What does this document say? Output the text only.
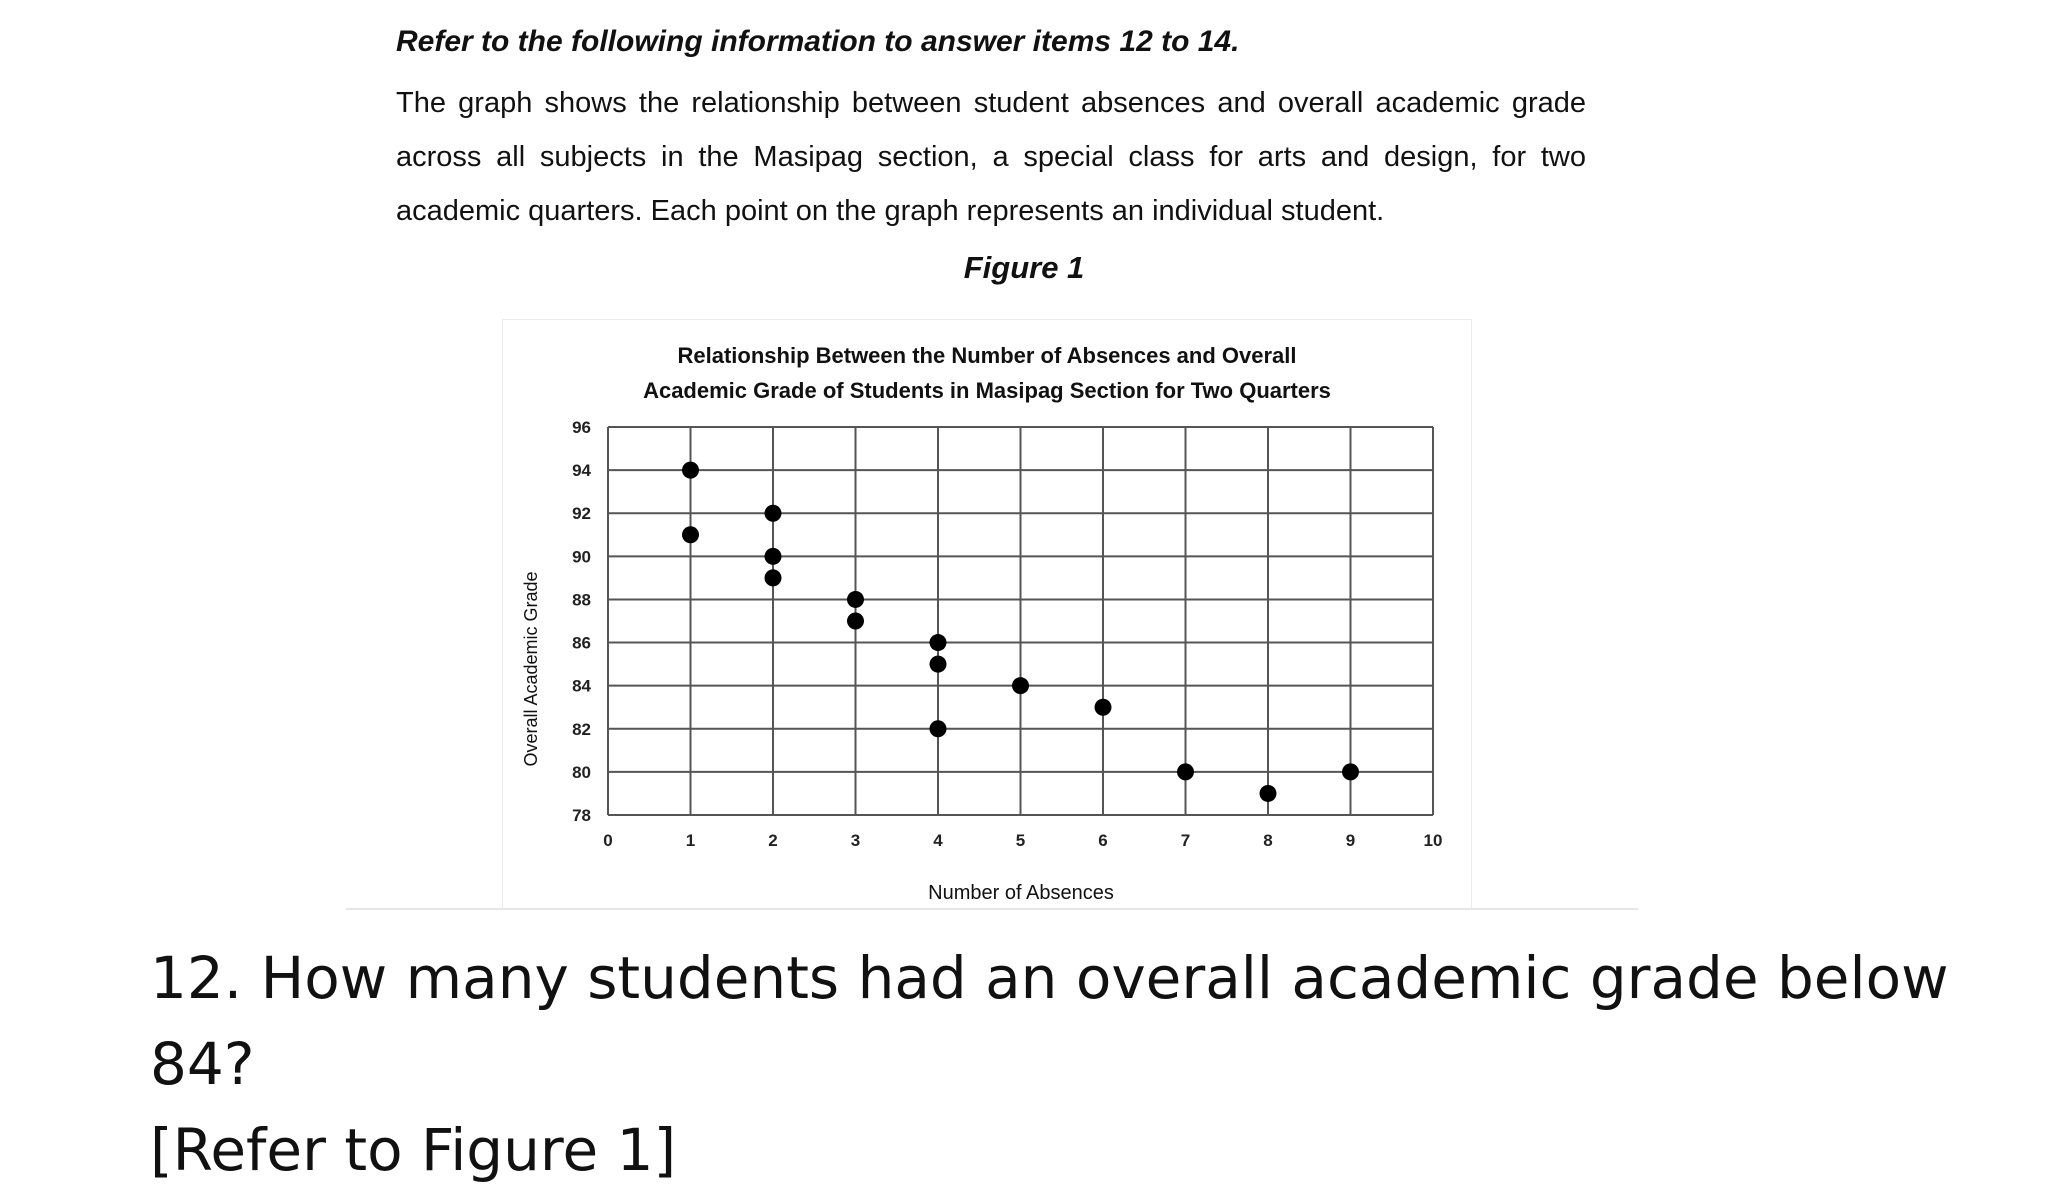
Refer to the following information to answer items 12 to 14.

The graph shows the relationship between student absences and overall academic grade across all subjects in the Masipag section, a special class for arts and design, for two academic quarters. Each point on the graph represents an individual student.

Figure 1
Relationship Between the Number of Absences and Overall
Academic Grade of Students in Masipag Section for Two Quarters
0	1	2	3	4	5	6	7	8	9	10
78
80
82
84
86
88
90
92
94
96
Number of Absences
Overall Academic Grade
12. How many students had an overall academic grade below 84?
[Refer to Figure 1]
